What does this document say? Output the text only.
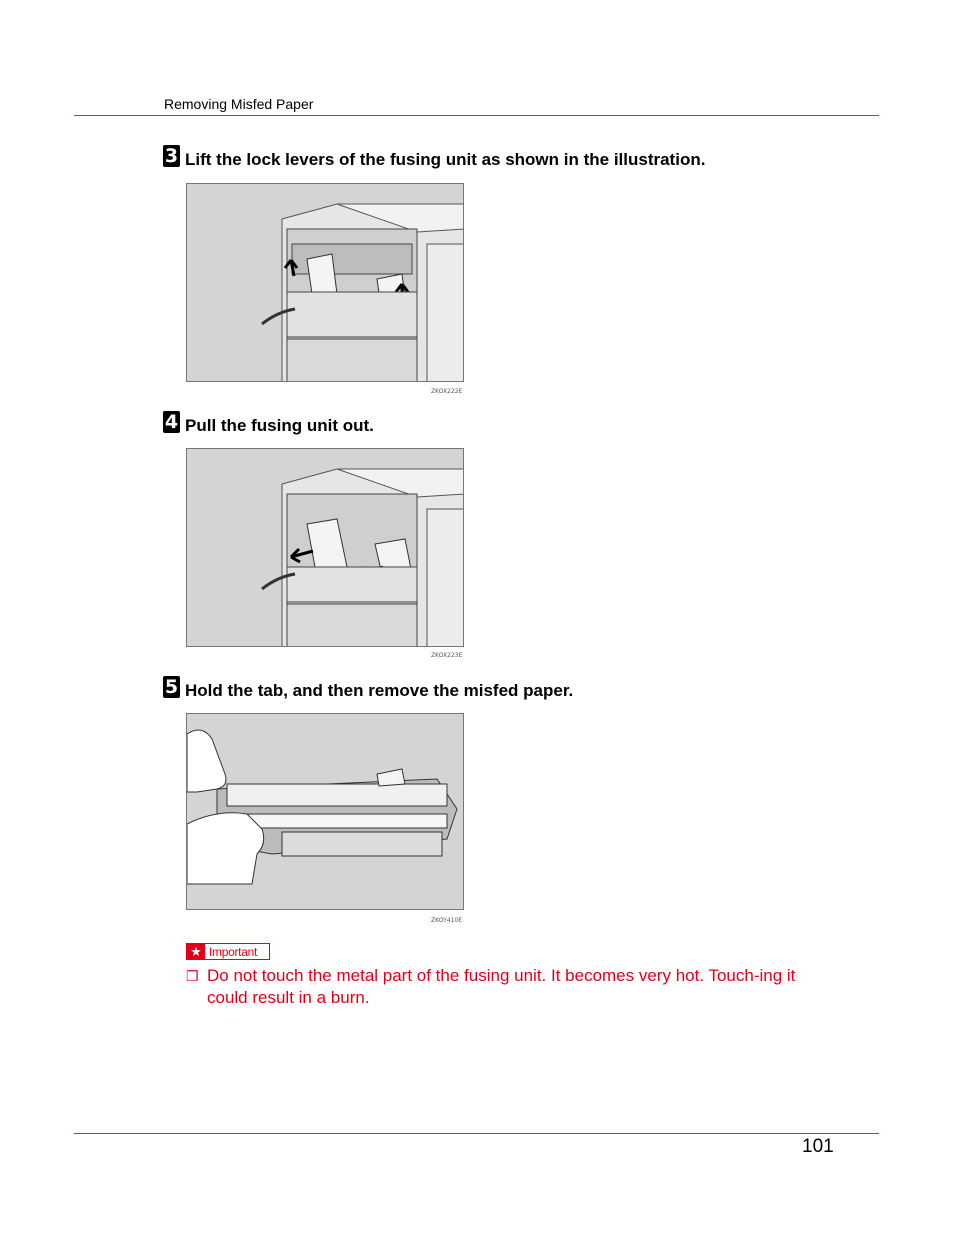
Removing Misfed Paper
3 Lift the lock levers of the fusing unit as shown in the illustration.
ZKOX222E
4 Pull the fusing unit out.
ZKOX223E
5 Hold the tab, and then remove the misfed paper.
ZKOY410E
★ Important
❒ Do not touch the metal part of the fusing unit. It becomes very hot. Touch-ing it could result in a burn.
101
